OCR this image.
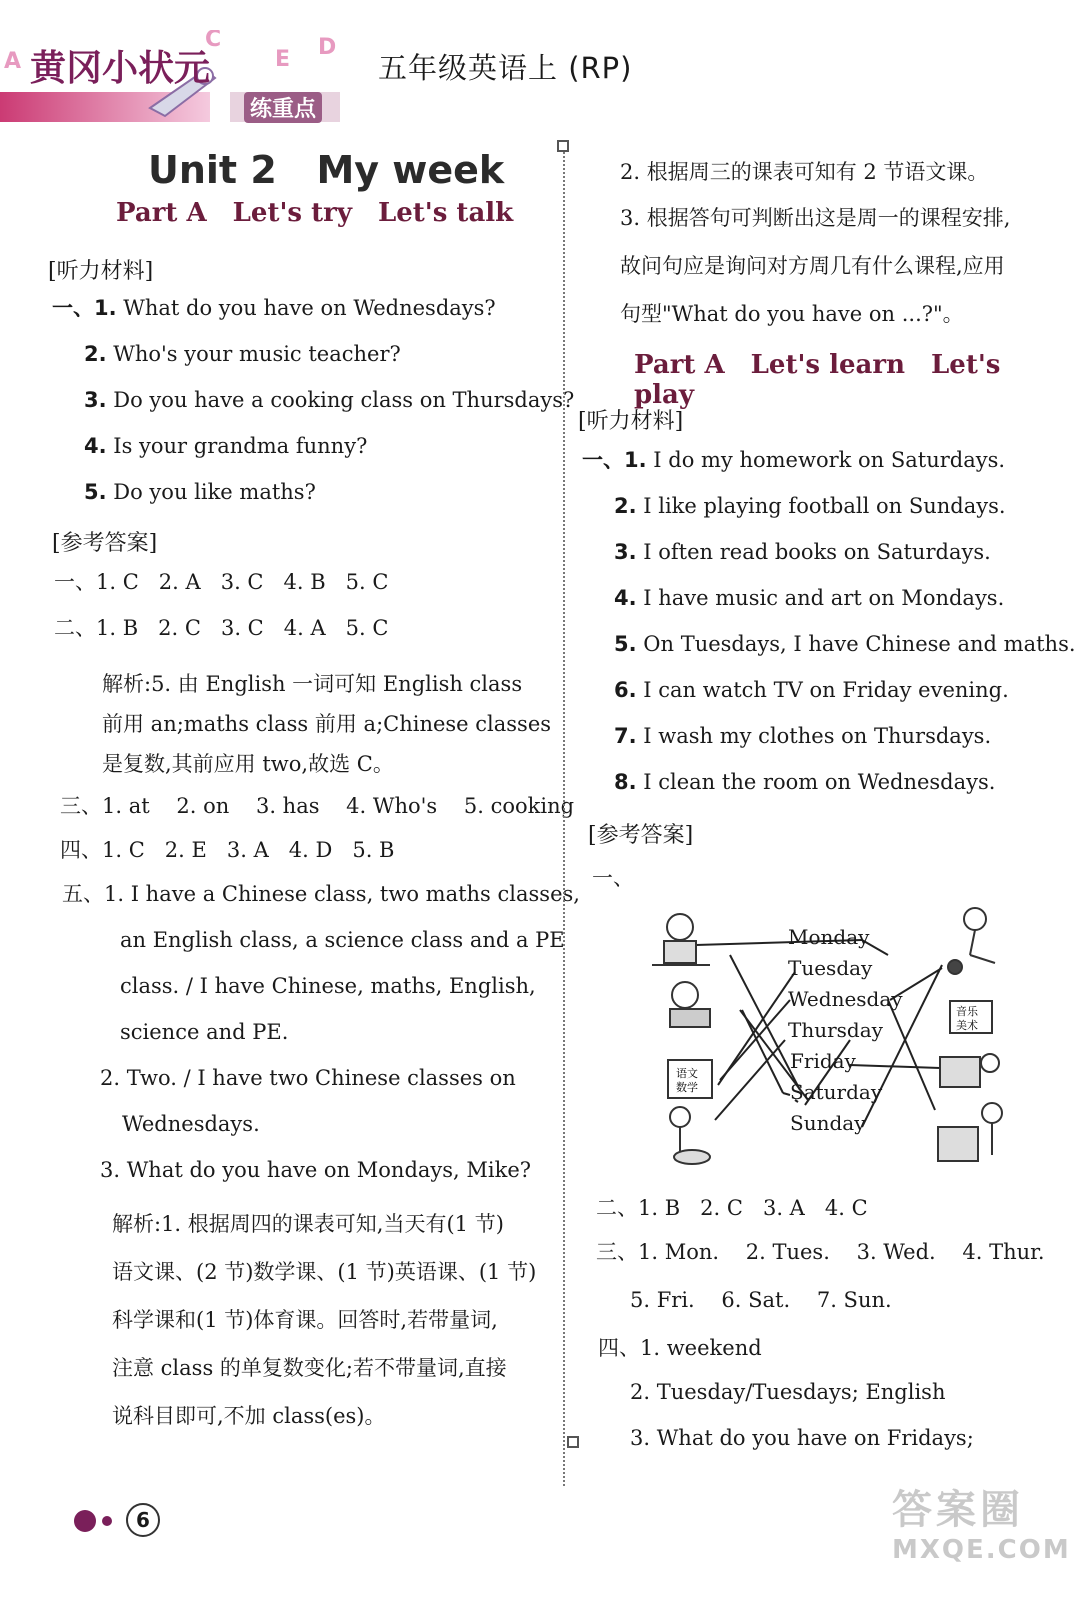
C
E D
A 黄冈小状元
练重点
五年级英语上 (RP)
Unit 2   My week
Part A Let's try Let's talk
[听力材料]
一、1. What do you have on Wednesdays?
2. Who's your music teacher?
3. Do you have a cooking class on Thursdays?
4. Is your grandma funny?
5. Do you like maths?
[参考答案]
一、1. C   2. A   3. C   4. B   5. C
二、1. B   2. C   3. C   4. A   5. C
解析:5. 由 English 一词可知 English class
前用 an;maths class 前用 a;Chinese classes
是复数,其前应用 two,故选 C。
三、1. at    2. on    3. has    4. Who's    5. cooking
四、1. C   2. E   3. A   4. D   5. B
五、1. I have a Chinese class, two maths classes,
an English class, a science class and a PE
class. / I have Chinese, maths, English,
science and PE.
2. Two. / I have two Chinese classes on
Wednesdays.
3. What do you have on Mondays, Mike?
解析:1. 根据周四的课表可知,当天有(1 节)
语文课、(2 节)数学课、(1 节)英语课、(1 节)
科学课和(1 节)体育课。回答时,若带量词,
注意 class 的单复数变化;若不带量词,直接
说科目即可,不加 class(es)。
2. 根据周三的课表可知有 2 节语文课。
3. 根据答句可判断出这是周一的课程安排,
故问句应是询问对方周几有什么课程,应用
句型"What do you have on ...?"。
Part A Let's learn Let's play
[听力材料]
一、1. I do my homework on Saturdays.
2. I like playing football on Sundays.
3. I often read books on Saturdays.
4. I have music and art on Mondays.
5. On Tuesdays, I have Chinese and maths.
6. I can watch TV on Friday evening.
7. I wash my clothes on Thursdays.
8. I clean the room on Wednesdays.
[参考答案]
一、
语文
数学
音乐
美术
Monday
Tuesday
Wednesday
Thursday
Friday
Saturday
Sunday
二、1. B   2. C   3. A   4. C
三、1. Mon.    2. Tues.    3. Wed.    4. Thur.
5. Fri.    6. Sat.    7. Sun.
四、1. weekend
2. Tuesday/Tuesdays; English
3. What do you have on Fridays;
6	答案圈
MXQE.COM
